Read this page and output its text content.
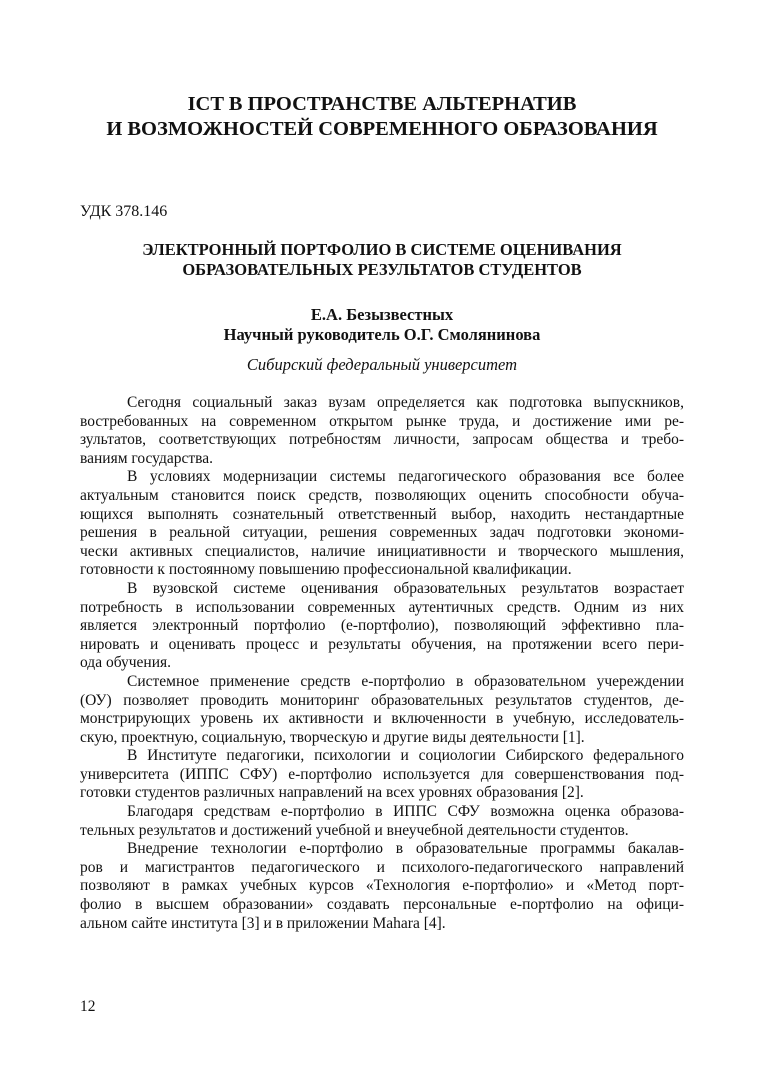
ICT В ПРОСТРАНСТВЕ АЛЬТЕРНАТИВ
И ВОЗМОЖНОСТЕЙ СОВРЕМЕННОГО ОБРАЗОВАНИЯ
УДК 378.146
ЭЛЕКТРОННЫЙ ПОРТФОЛИО В СИСТЕМЕ ОЦЕНИВАНИЯ
ОБРАЗОВАТЕЛЬНЫХ РЕЗУЛЬТАТОВ СТУДЕНТОВ
Е.А. Безызвестных
Научный руководитель О.Г. Смолянинова
Сибирский федеральный университет
Сегодня социальный заказ вузам определяется как подготовка выпускников,
востребованных на современном открытом рынке труда, и достижение ими ре-
зультатов, соответствующих потребностям личности, запросам общества и требо-
ваниям государства.
В условиях модернизации системы педагогического образования все более
актуальным становится поиск средств, позволяющих оценить способности обуча-
ющихся выполнять сознательный ответственный выбор, находить нестандартные
решения в реальной ситуации, решения современных задач подготовки экономи-
чески активных специалистов, наличие инициативности и творческого мышления,
готовности к постоянному повышению профессиональной квалификации.
В вузовской системе оценивания образовательных результатов возрастает
потребность в использовании современных аутентичных средств. Одним из них
является электронный портфолио (е-портфолио), позволяющий эффективно пла-
нировать и оценивать процесс и результаты обучения, на протяжении всего пери-
ода обучения.
Системное применение средств е-портфолио в образовательном учереждении
(ОУ) позволяет проводить мониторинг образовательных результатов студентов, де-
монстрирующих уровень их активности и включенности в учебную, исследователь-
скую, проектную, социальную, творческую и другие виды деятельности [1].
В Институте педагогики, психологии и социологии Сибирского федерального
университета (ИППС СФУ) е-портфолио используется для совершенствования под-
готовки студентов различных направлений на всех уровнях образования [2].
Благодаря средствам е-портфолио в ИППС СФУ возможна оценка образова-
тельных результатов и достижений учебной и внеучебной деятельности студентов.
Внедрение технологии е-портфолио в образовательные программы бакалав-
ров и магистрантов педагогического и психолого-педагогического направлений
позволяют в рамках учебных курсов «Технология е-портфолио» и «Метод порт-
фолио в высшем образовании» создавать персональные е-портфолио на офици-
альном сайте института [3] и в приложении Mahara [4].
12
